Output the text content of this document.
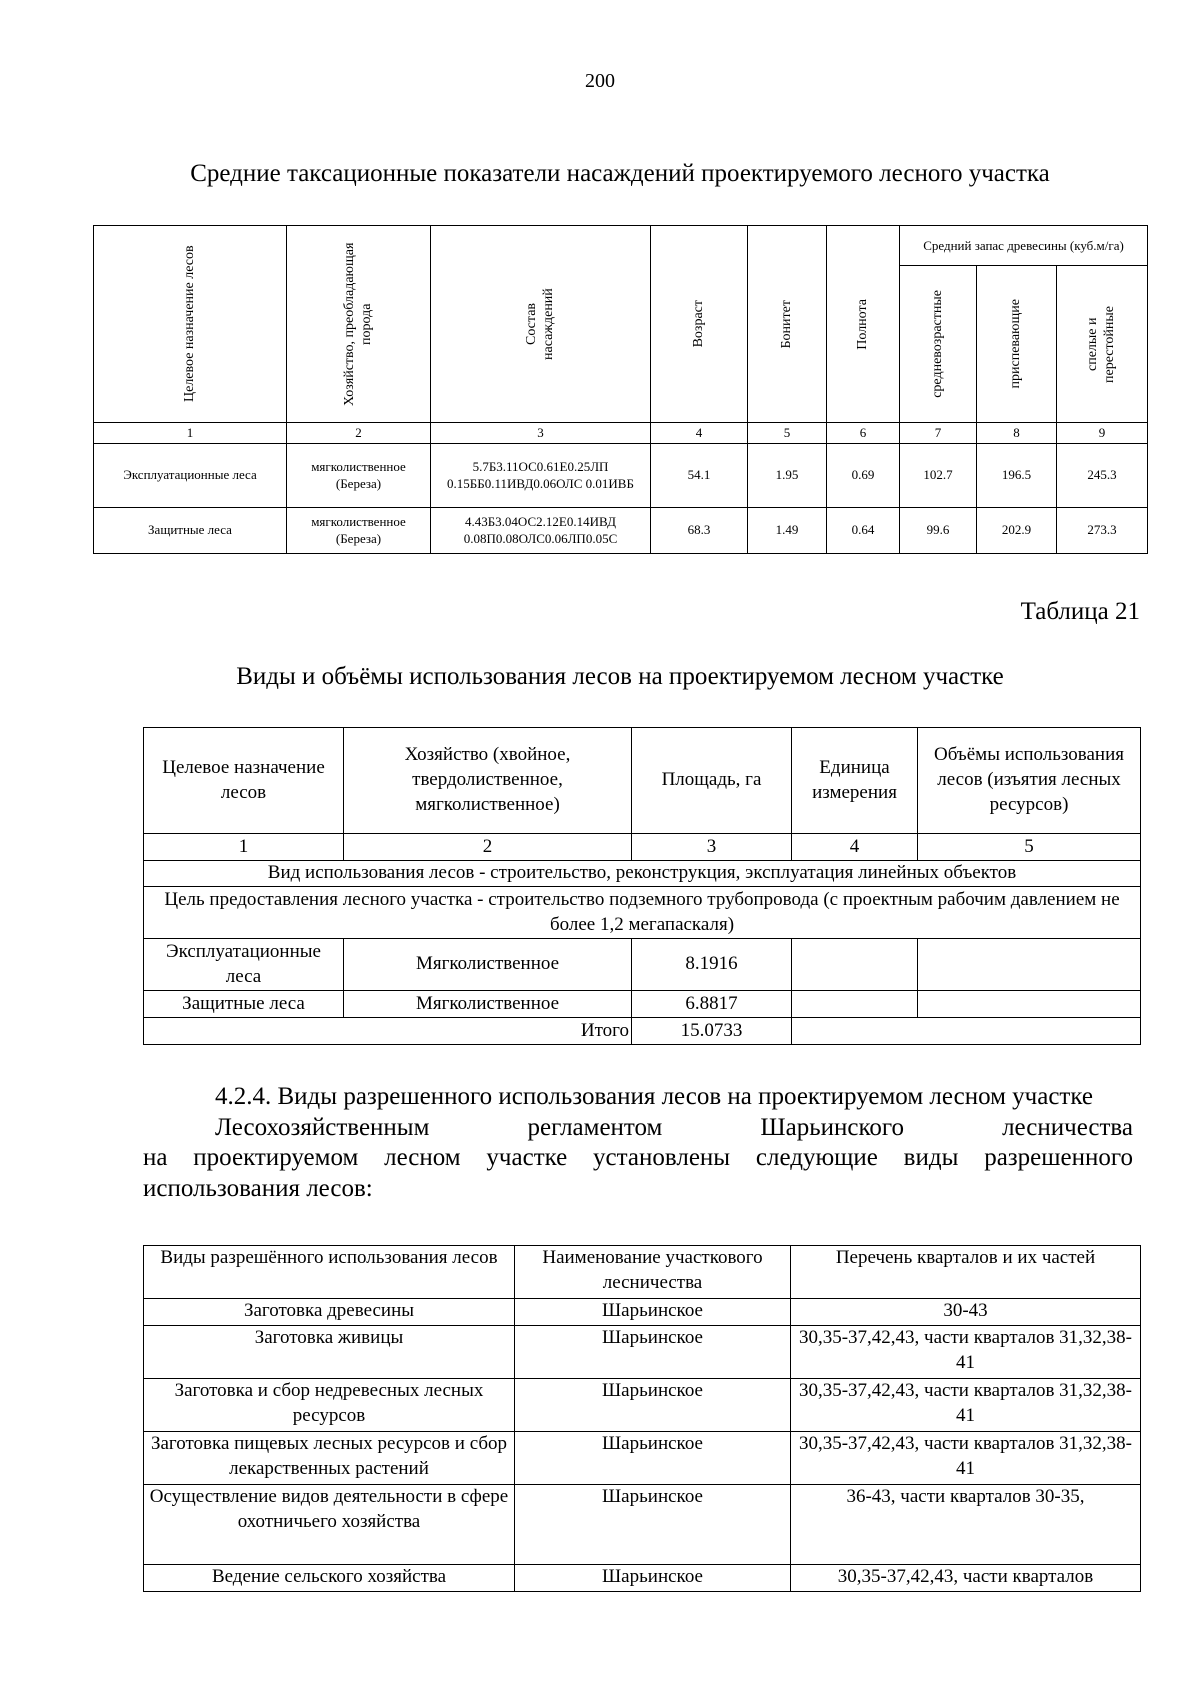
200
Средние таксационные показатели насаждений проектируемого лесного участка
Целевое назначение лесов	Хозяйство, преобладающая порода	Состав насаждений	Возраст	Бонитет	Полнота	Средний запас древесины (куб.м/га)		

						средневозрастные	приспевающие	спелые и перестойные

1	2	3	4	5	6	7	8	9
Эксплуатационные леса	мягколиственное (Береза)	5.7Б3.11ОС0.61Е0.25ЛП 0.15ББ0.11ИВД0.06ОЛС 0.01ИВБ	54.1	1.95	0.69	102.7	196.5	245.3
Защитные леса	мягколиственное (Береза)	4.43Б3.04ОС2.12Е0.14ИВД 0.08П0.08ОЛС0.06ЛП0.05С	68.3	1.49	0.64	99.6	202.9	273.3
Таблица 21
Виды и объёмы использования лесов на проектируемом лесном участке
Целевое назначение лесов	Хозяйство (хвойное, твердолиственное, мягколиственное)	Площадь, га	Единица измерения	Объёмы использования лесов (изъятия лесных ресурсов)
1	2	3	4	5
Вид использования лесов - строительство, реконструкция, эксплуатация линейных объектов				
Цель предоставления лесного участка - строительство подземного трубопровода (с проектным рабочим давлением не более 1,2 мегапаскаля)				
Эксплуатационные леса	Мягколиственное	8.1916		
Защитные леса	Мягколиственное	6.8817		
Итого		15.0733		

4.2.4. Виды разрешенного использования лесов на проектируемом лесном участке

Лесохозяйственным регламентом Шарьинского лесничества

на проектируемом лесном участке установлены следующие виды разрешенного использования лесов:

Виды разрешённого использования лесов	Наименование участкового лесничества	Перечень кварталов и их частей
Заготовка древесины	Шарьинское	30-43
Заготовка живицы	Шарьинское	30,35-37,42,43, части кварталов 31,32,38-41
Заготовка и сбор недревесных лесных ресурсов	Шарьинское	30,35-37,42,43, части кварталов 31,32,38-41
Заготовка пищевых лесных ресурсов и сбор лекарственных растений	Шарьинское	30,35-37,42,43, части кварталов 31,32,38-41
Осуществление видов деятельности в сфере охотничьего хозяйства	Шарьинское	36-43, части кварталов 30-35,
Ведение сельского хозяйства	Шарьинское	30,35-37,42,43, части кварталов
